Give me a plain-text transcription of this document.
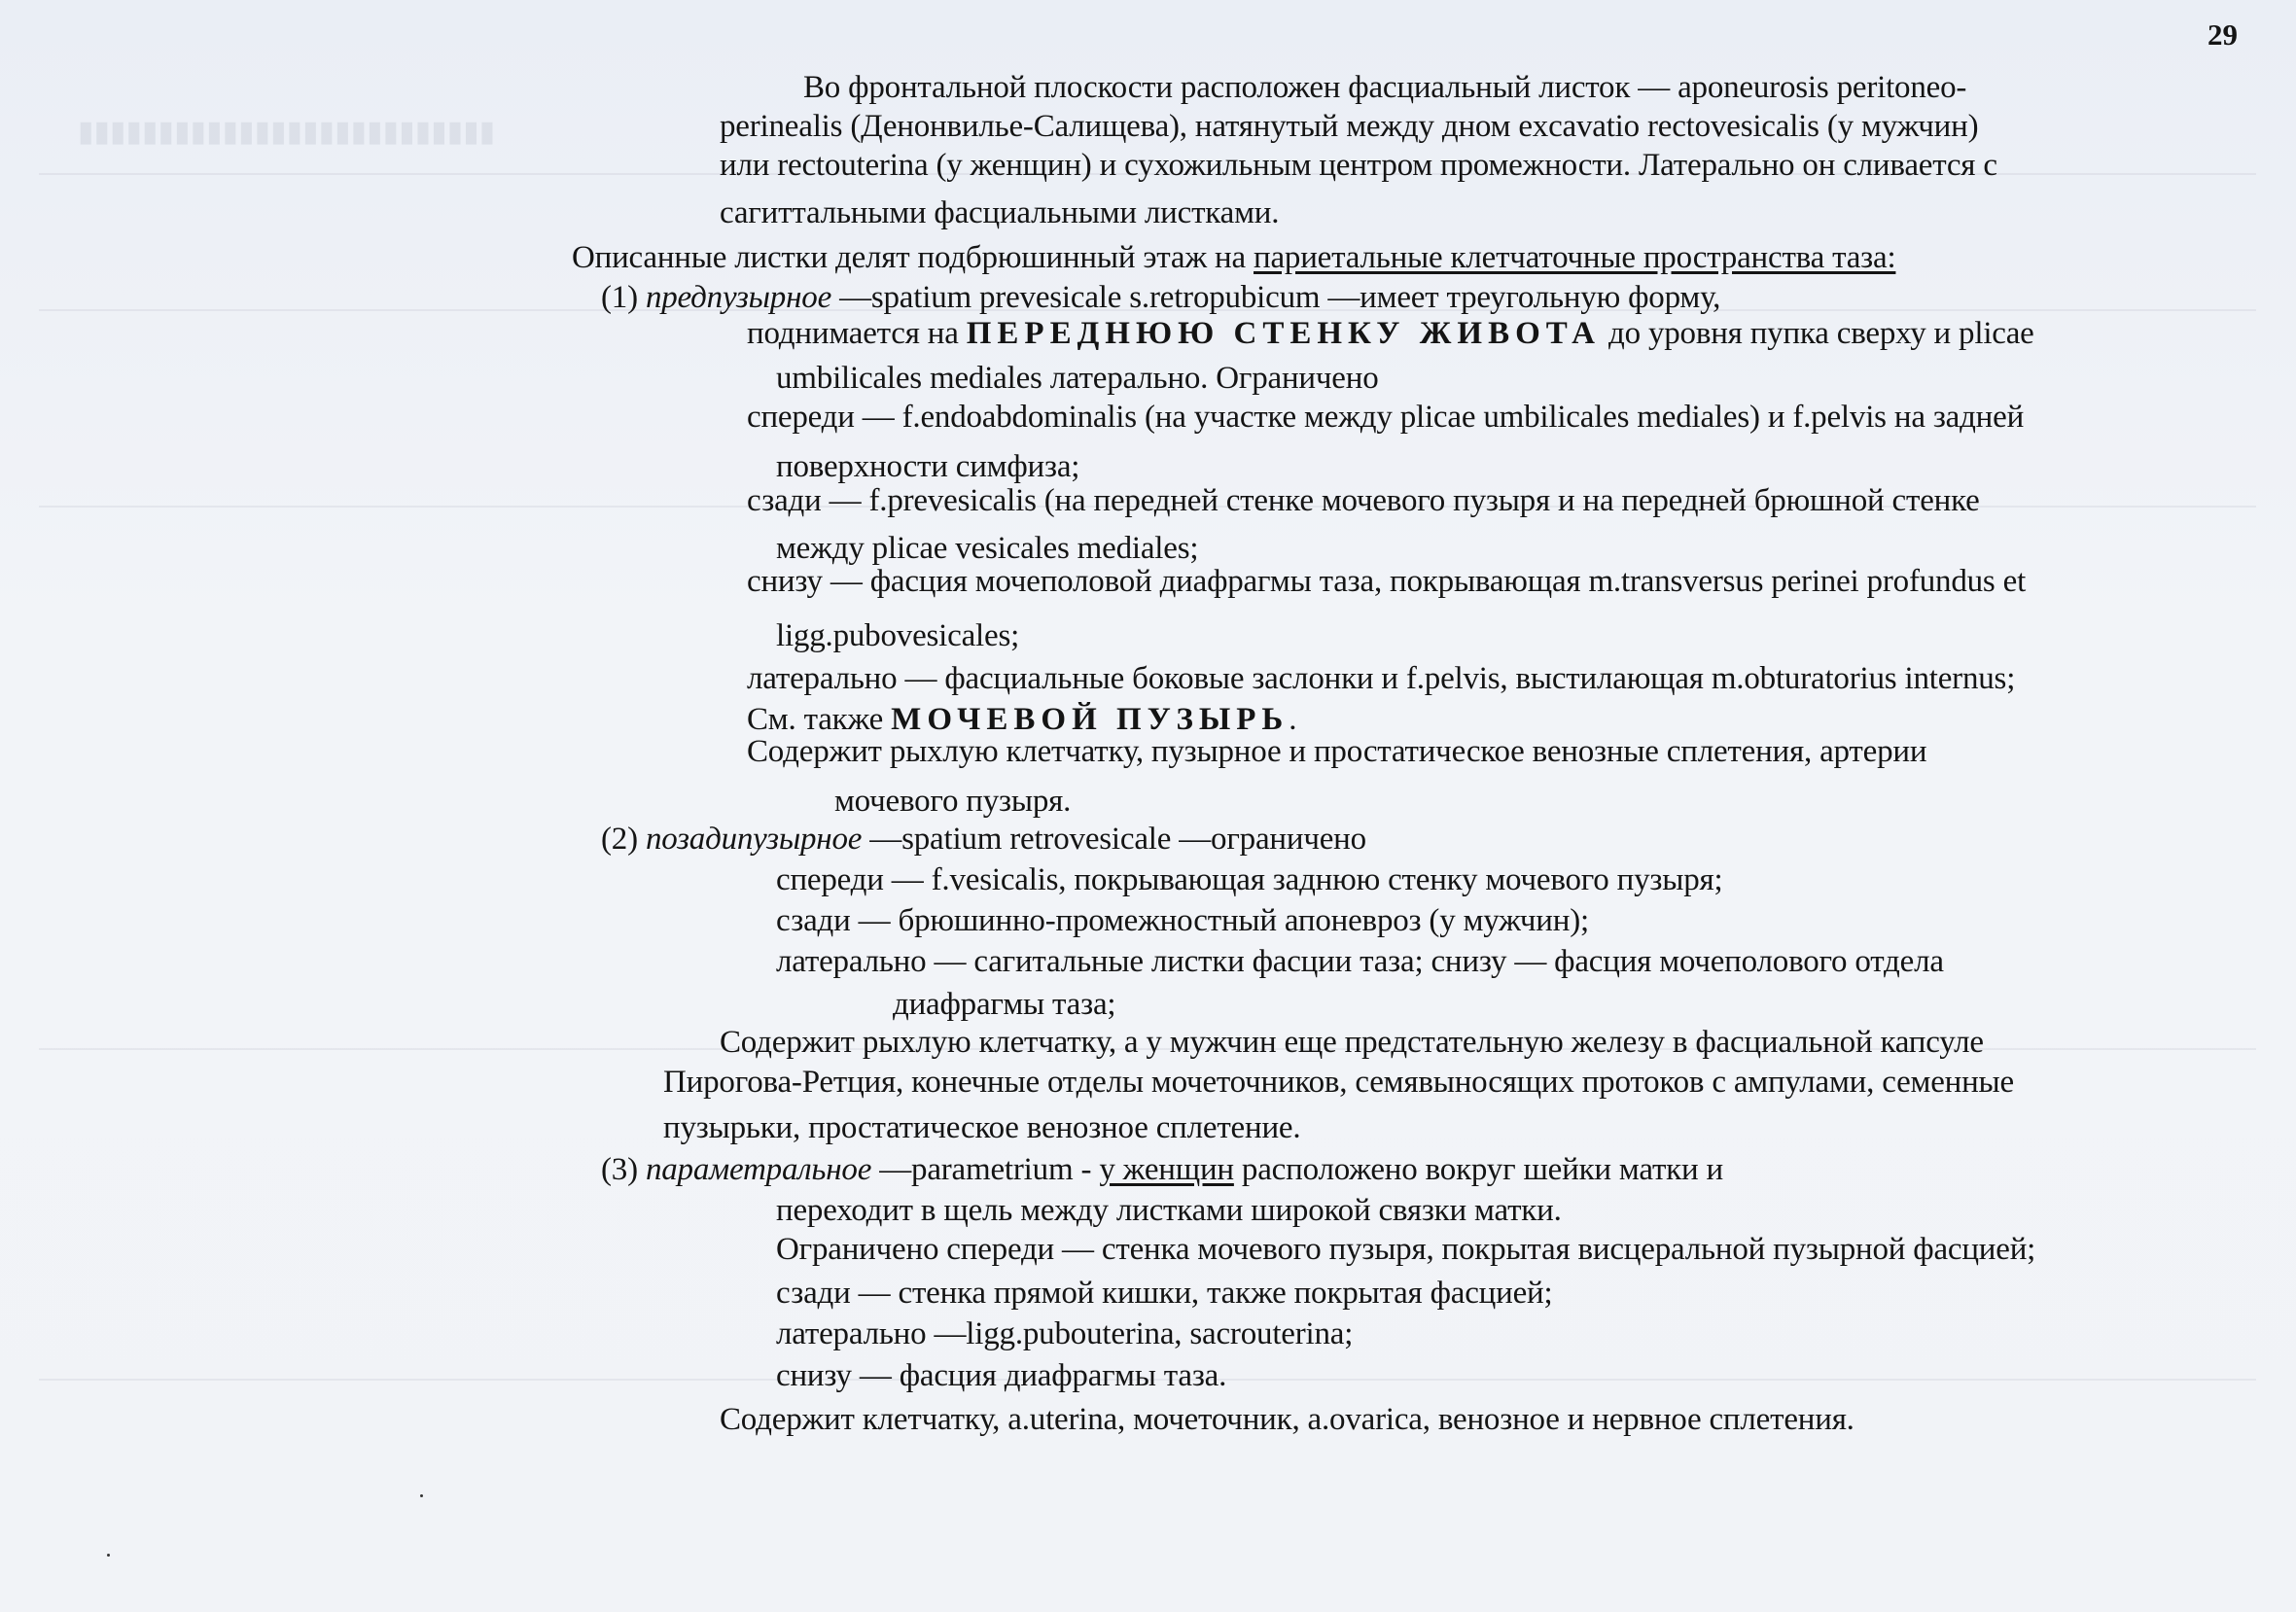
▮▮▮▮▮▮▮▮▮▮▮▮▮▮▮▮▮▮▮▮▮▮▮▮▮▮
29
Во фронтальной плоскости расположен фасциальный листок — aponeurosis peritoneo-
perinealis (Денонвилье-Салищева), натянутый между дном excavatio rectovesicalis (у мужчин)
или rectouterina (у женщин) и сухожильным центром промежности. Латерально он сливается с
сагиттальными фасциальными листками.
Описанные листки делят подбрюшинный этаж на париетальные клетчаточные пространства таза:
(1) предпузырное —spatium prevesicale s.retropubicum —имеет треугольную форму,
поднимается на ПЕРЕДНЮЮ СТЕНКУ ЖИВОТА до уровня пупка сверху и plicae
umbilicales mediales латерально. Ограничено
спереди — f.endoabdominalis (на участке между plicae umbilicales mediales) и f.pelvis на задней
поверхности симфиза;
сзади — f.prevesicalis (на передней стенке мочевого пузыря и на передней брюшной стенке
между plicae vesicales mediales;
снизу — фасция мочеполовой диафрагмы таза, покрывающая m.transversus perinei profundus et
ligg.pubovesicales;
латерально — фасциальные боковые заслонки и f.pelvis, выстилающая m.obturatorius internus;
См. также МОЧЕВОЙ ПУЗЫРЬ.
Содержит рыхлую клетчатку, пузырное и простатическое венозные сплетения, артерии
мочевого пузыря.
(2) позадипузырное —spatium retrovesicale —ограничено
спереди — f.vesicalis, покрывающая заднюю стенку мочевого пузыря;
сзади — брюшинно-промежностный апоневроз (у мужчин);
латерально — сагитальные листки фасции таза; снизу — фасция мочеполового отдела
диафрагмы таза;
Содержит рыхлую клетчатку, а у мужчин еще предстательную железу в фасциальной капсуле
Пирогова-Ретция, конечные отделы мочеточников, семявыносящих протоков с ампулами, семенные
пузырьки, простатическое венозное сплетение.
(3) параметральное —parametrium - у женщин расположено вокруг шейки матки и
переходит в щель между листками широкой связки матки.
Ограничено спереди — стенка мочевого пузыря, покрытая висцеральной пузырной фасцией;
сзади — стенка прямой кишки, также покрытая фасцией;
латерально —ligg.pubouterina, sacrouterina;
снизу — фасция диафрагмы таза.
Содержит клетчатку, a.uterina, мочеточник, a.ovarica, венозное и нервное сплетения.
